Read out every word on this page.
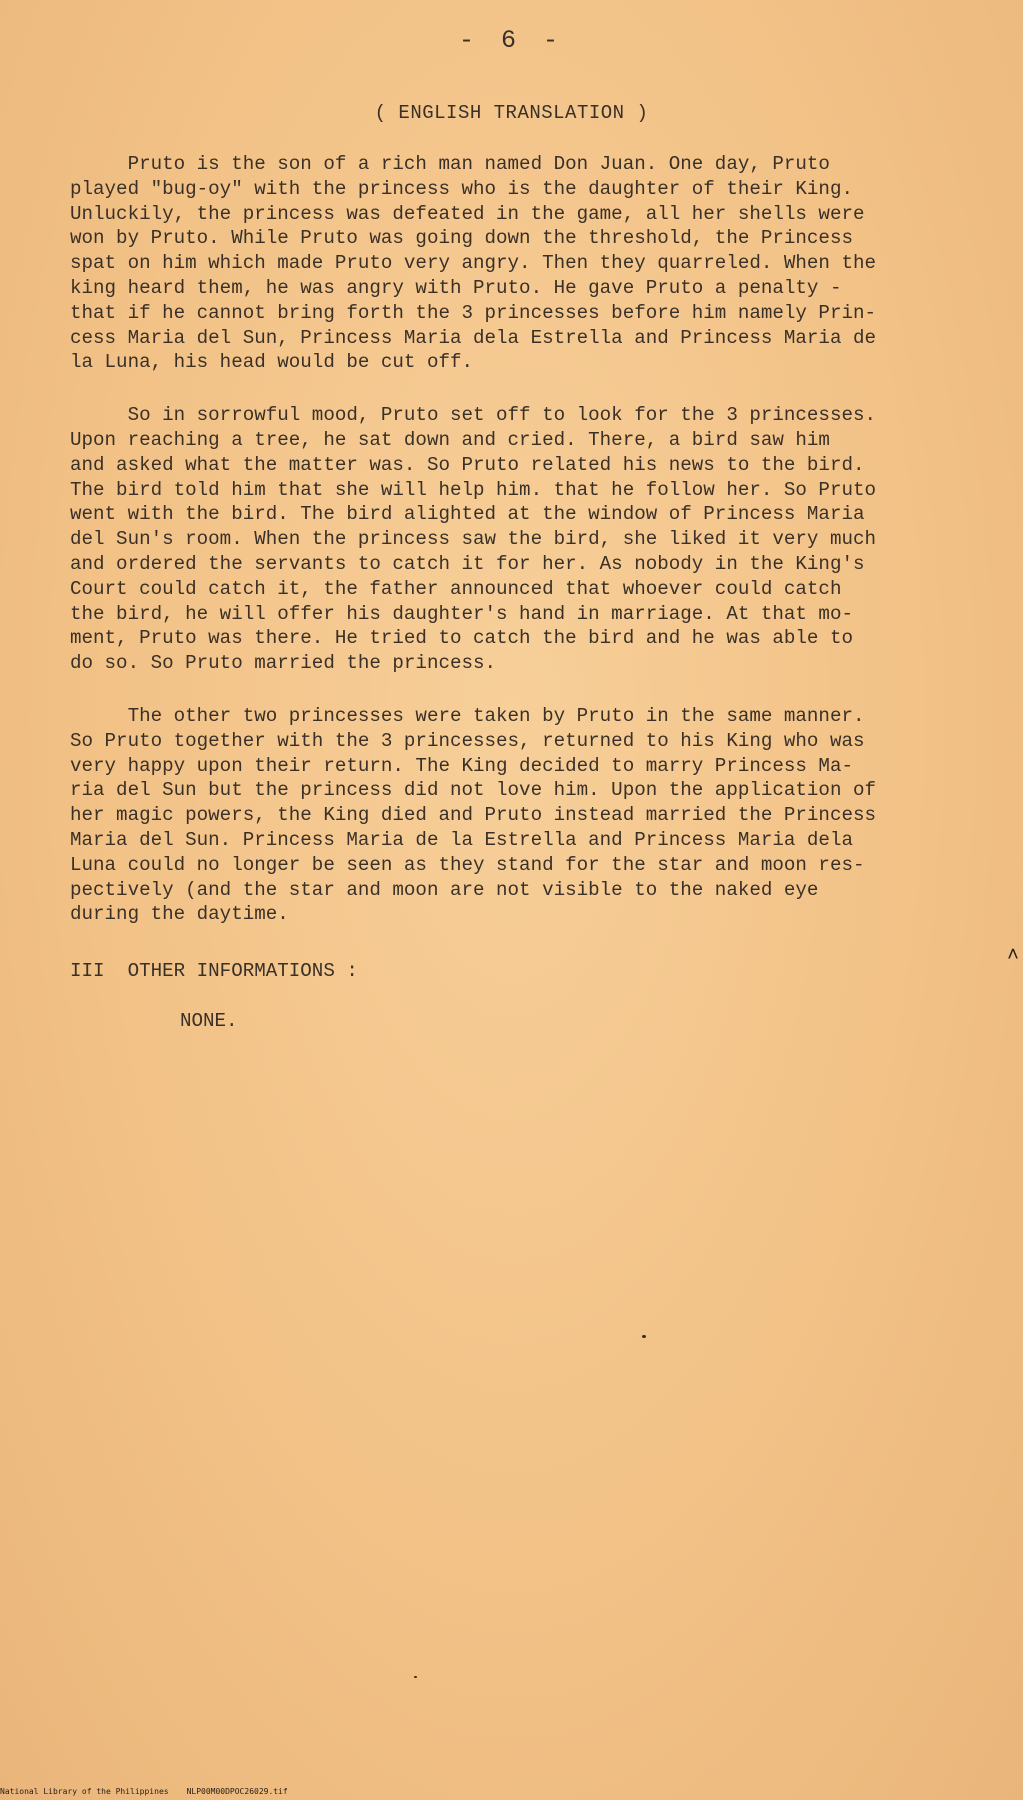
- 6 -
( ENGLISH TRANSLATION )
Pruto is the son of a rich man named Don Juan. One day, Pruto
played "bug-oy" with the princess who is the daughter of their King.
Unluckily, the princess was defeated in the game, all her shells were
won by Pruto. While Pruto was going down the threshold, the Princess
spat on him which made Pruto very angry. Then they quarreled. When the
king heard them, he was angry with Pruto. He gave Pruto a penalty -
that if he cannot bring forth the 3 princesses before him namely Prin-
cess Maria del Sun, Princess Maria dela Estrella and Princess Maria de
la Luna, his head would be cut off.
So in sorrowful mood, Pruto set off to look for the 3 princesses.
Upon reaching a tree, he sat down and cried. There, a bird saw him
and asked what the matter was. So Pruto related his news to the bird.
The bird told him that she will help him. that he follow her. So Pruto
went with the bird. The bird alighted at the window of Princess Maria
del Sun's room. When the princess saw the bird, she liked it very much
and ordered the servants to catch it for her. As nobody in the King's
Court could catch it, the father announced that whoever could catch
the bird, he will offer his daughter's hand in marriage. At that mo-
ment, Pruto was there. He tried to catch the bird and he was able to
do so. So Pruto married the princess.
The other two princesses were taken by Pruto in the same manner.
So Pruto together with the 3 princesses, returned to his King who was
very happy upon their return. The King decided to marry Princess Ma-
ria del Sun but the princess did not love him. Upon the application of
her magic powers, the King died and Pruto instead married the Princess
Maria del Sun. Princess Maria de la Estrella and Princess Maria dela
Luna could no longer be seen as they stand for the star and moon res-
pectively (and the star and moon are not visible to the naked eye
during the daytime.
III  OTHER INFORMATIONS :
NONE.
˄
National Library of the Philippines NLP00M00DPOC26029.tif
